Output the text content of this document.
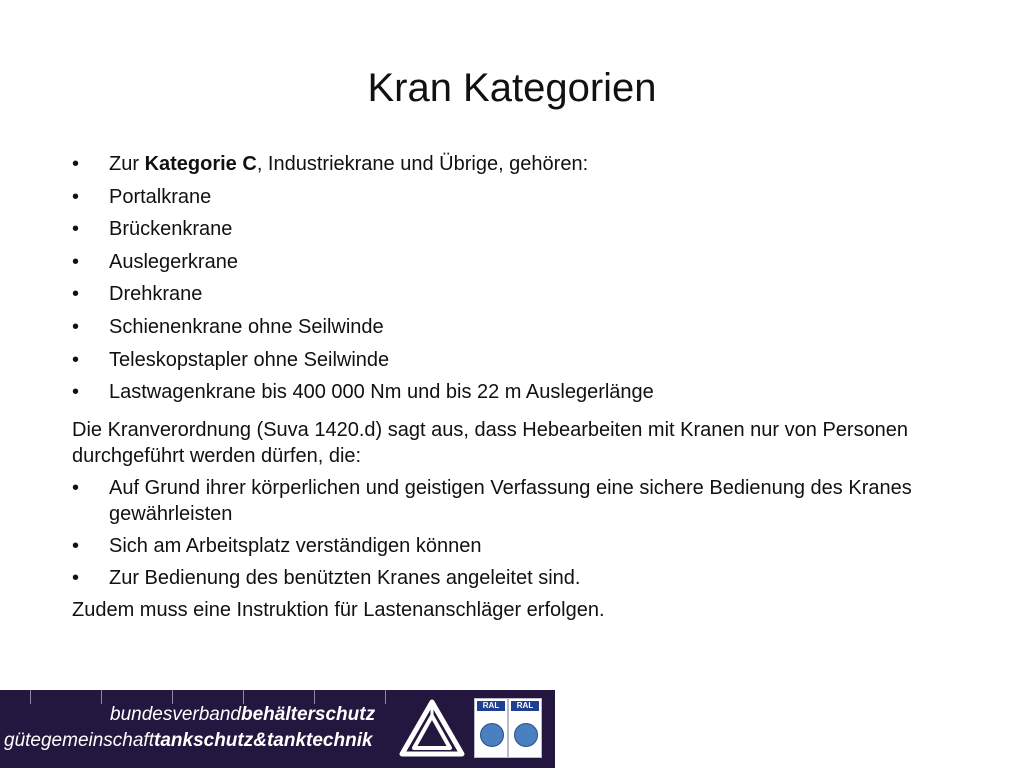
Kran Kategorien
• Zur Kategorie C, Industriekrane und Übrige, gehören:
• Portalkrane
• Brückenkrane
• Auslegerkrane
• Drehkrane
• Schienenkrane ohne Seilwinde
• Teleskopstapler ohne Seilwinde
• Lastwagenkrane bis 400 000 Nm und bis 22 m Auslegerlänge

Die Kranverordnung (Suva 1420.d) sagt aus, dass Hebearbeiten mit Kranen nur von Personen durchgeführt werden dürfen, die:

• Auf Grund ihrer körperlichen und geistigen Verfassung eine sichere Bedienung des Kranes gewährleisten
• Sich am Arbeitsplatz verständigen können
• Zur Bedienung des benützten Kranes angeleitet sind.

Zudem muss eine Instruktion für Lastenanschläger erfolgen.

bundesverbandbehälterschutz
gütegemeinschafttankschutz&tanktechnik
RAL	RAL
